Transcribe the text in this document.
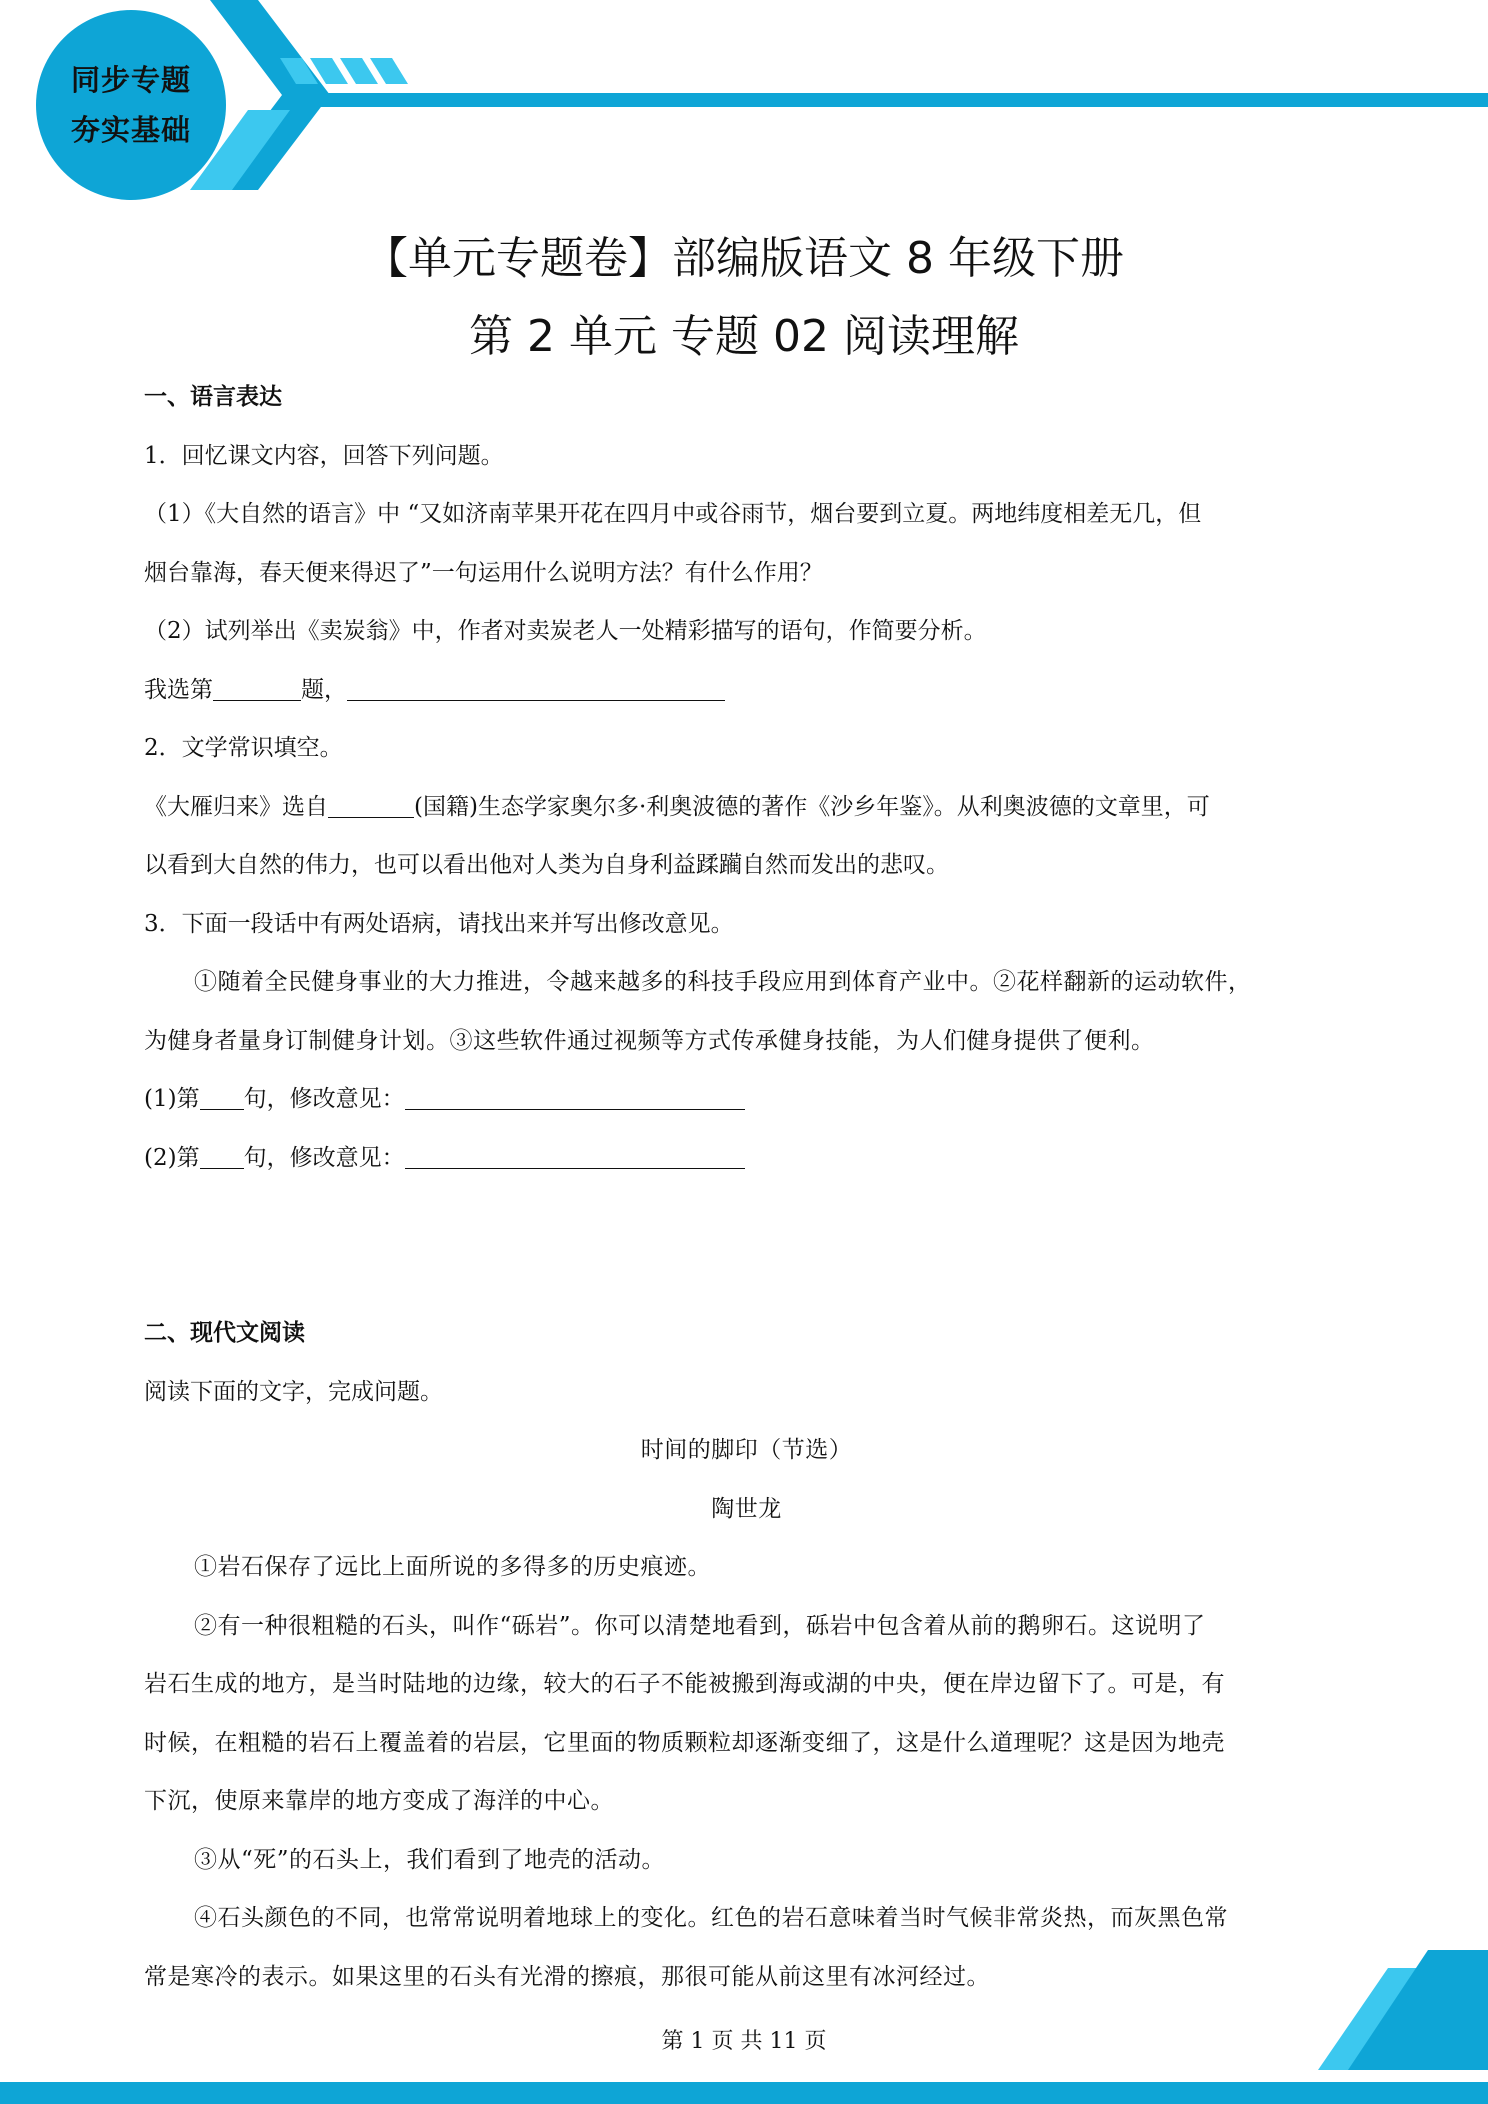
同步专题
夯实基础
【单元专题卷】部编版语文 8 年级下册
第 2 单元 专题 02 阅读理解
一、语言表达
1．回忆课文内容，回答下列问题。
（1）《大自然的语言》中 “又如济南苹果开花在四月中或谷雨节，烟台要到立夏。两地纬度相差无几，但
烟台靠海，春天便来得迟了”一句运用什么说明方法？有什么作用？
（2）试列举出《卖炭翁》中，作者对卖炭老人一处精彩描写的语句，作简要分析。
我选第	题，
2．文学常识填空。
《大雁归来》选自	(国籍)生态学家奥尔多·利奥波德的著作《沙乡年鉴》。从利奥波德的文章里，可
以看到大自然的伟力，也可以看出他对人类为自身利益蹂躏自然而发出的悲叹。
3．下面一段话中有两处语病，请找出来并写出修改意见。
①随着全民健身事业的大力推进，令越来越多的科技手段应用到体育产业中。②花样翻新的运动软件，
为健身者量身订制健身计划。③这些软件通过视频等方式传承健身技能，为人们健身提供了便利。
(1)第 句，修改意见：
(2)第 句，修改意见：
二、现代文阅读
阅读下面的文字，完成问题。
时间的脚印（节选）
陶世龙
①岩石保存了远比上面所说的多得多的历史痕迹。
②有一种很粗糙的石头，叫作“砾岩”。你可以清楚地看到，砾岩中包含着从前的鹅卵石。这说明了
岩石生成的地方，是当时陆地的边缘，较大的石子不能被搬到海或湖的中央，便在岸边留下了。可是，有
时候，在粗糙的岩石上覆盖着的岩层，它里面的物质颗粒却逐渐变细了，这是什么道理呢？这是因为地壳
下沉，使原来靠岸的地方变成了海洋的中心。
③从“死”的石头上，我们看到了地壳的活动。
④石头颜色的不同，也常常说明着地球上的变化。红色的岩石意味着当时气候非常炎热，而灰黑色常
常是寒冷的表示。如果这里的石头有光滑的擦痕，那很可能从前这里有冰河经过。
第 1 页 共 11 页
